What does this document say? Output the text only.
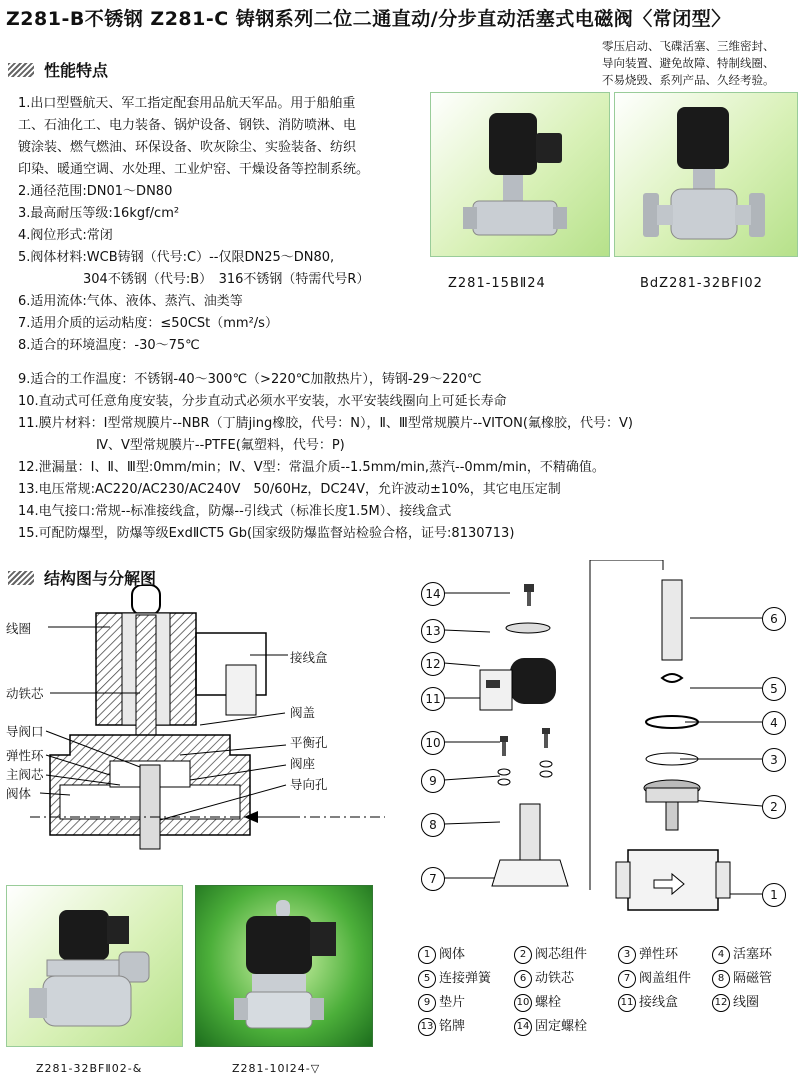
Z281-B不锈钢 Z281-C 铸钢系列二位二通直动/分步直动活塞式电磁阀〈常闭型〉
零压启动、飞碟活塞、三维密封、
导向装置、避免故障、特制线圈、
不易烧毁、系列产品、久经考验。
性能特点
1.出口型暨航天、军工指定配套用品航天军品。用于船舶重
工、石油化工、电力装备、锅炉设备、钢铁、消防喷淋、电
镀涂装、燃气燃油、环保设备、吹灰除尘、实验装备、纺织
印染、暖通空调、水处理、工业炉窑、干燥设备等控制系统。
2.通径范围:DN01～DN80
3.最高耐压等级:16kgf/cm²
4.阀位形式:常闭
5.阀体材料:WCB铸钢（代号:C）--仅限DN25～DN80,
　　　　　304不锈钢（代号:B）　316不锈钢（特需代号R）
6.适用流体:气体、液体、蒸汽、油类等
7.适用介质的运动粘度：≤50CSt（mm²/s）
8.适合的环境温度：-30～75℃
Z281-15BⅡ24	BdZ281-32BFⅠ02
9.适合的工作温度：不锈钢-40～300℃（>220℃加散热片），铸钢-29～220℃
10.直动式可任意角度安装，分步直动式必须水平安装，水平安装线圈向上可延长寿命
11.膜片材料：Ⅰ型常规膜片--NBR（丁腈jing橡胶，代号：N），Ⅱ、Ⅲ型常规膜片--VITON(氟橡胶，代号：V)
　　　　　　Ⅳ、Ⅴ型常规膜片--PTFE(氟塑料，代号：P)
12.泄漏量：Ⅰ、Ⅱ、Ⅲ型:0mm/min；Ⅳ、Ⅴ型：常温介质--1.5mm/min,蒸汽--0mm/min，不精确值。
13.电压常规:AC220/AC230/AC240V　50/60Hz，DC24V，允许波动±10%，其它电压定制
14.电气接口:常规--标准接线盒，防爆--引线式（标准长度1.5M）、接线盒式
15.可配防爆型，防爆等级ExdⅡCT5 Gb(国家级防爆监督站检验合格，证号:8130713)
结构图与分解图
线圈
动铁芯
导阀口
弹性环
主阀芯
阀体
接线盒
阀盖
平衡孔
阀座
导向孔
14
13
12
11
10
9
8
7
6
5
4
3
2
1
1 阀体	2 阀芯组件	3 弹性环	4 活塞环
5 连接弹簧	6 动铁芯	7 阀盖组件	8 隔磁管
9 垫片	10 螺栓	11 接线盒	12 线圈
13 铭牌	14 固定螺栓
Z281-32BFⅡ02-&	Z281-10Ⅰ24-▽
